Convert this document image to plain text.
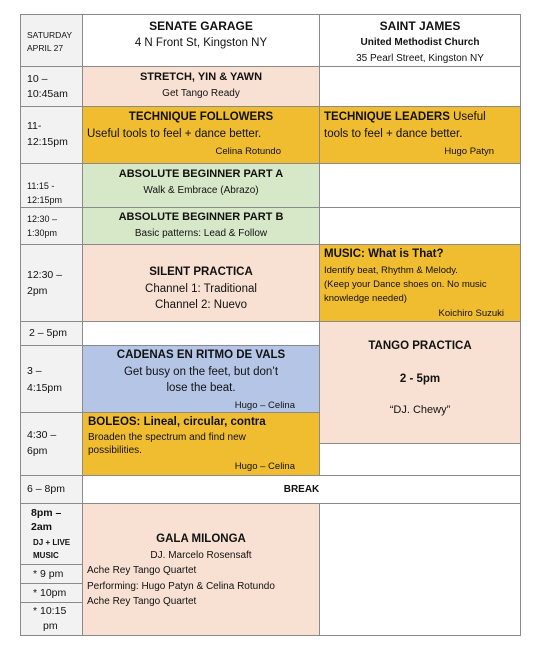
SATURDAY
APRIL 27
SENATE GARAGE
4 N Front St, Kingston NY
SAINT JAMES
United Methodist Church
35 Pearl Street, Kingston NY
10 –
10:45am
11-
12:15pm
11:15 -
12:15pm
12:30 –
1:30pm
12:30 –
2pm
2 – 5pm
3 –
4:15pm
4:30 –
6pm
6 – 8pm
8pm –
2am
DJ + LIVE
MUSIC
* 9 pm
* 10pm
* 10:15
pm
STRETCH, YIN & YAWN
Get Tango Ready
TECHNIQUE FOLLOWERS
Useful tools to feel + dance better.
Celina Rotundo
ABSOLUTE BEGINNER PART A
Walk & Embrace (Abrazo)
ABSOLUTE BEGINNER PART B
Basic patterns: Lead & Follow
SILENT PRACTICA
Channel 1: Traditional
Channel 2: Nuevo
CADENAS EN RITMO DE VALS
Get busy on the feet, but don’t
lose the beat.
Hugo – Celina
BOLEOS: Lineal, circular, contra
Broaden the spectrum and find new
possibilities.
Hugo – Celina
BREAK
GALA MILONGA
DJ. Marcelo Rosensaft
Ache Rey Tango Quartet
Performing: Hugo Patyn & Celina Rotundo
Ache Rey Tango Quartet
TECHNIQUE LEADERS Useful
tools to feel + dance better.
Hugo Patyn
MUSIC: What is That?
Identify beat, Rhythm & Melody.
(Keep your Dance shoes on. No music
knowledge needed)
Koichiro Suzuki
TANGO PRACTICA
2 - 5pm
“DJ. Chewy”
